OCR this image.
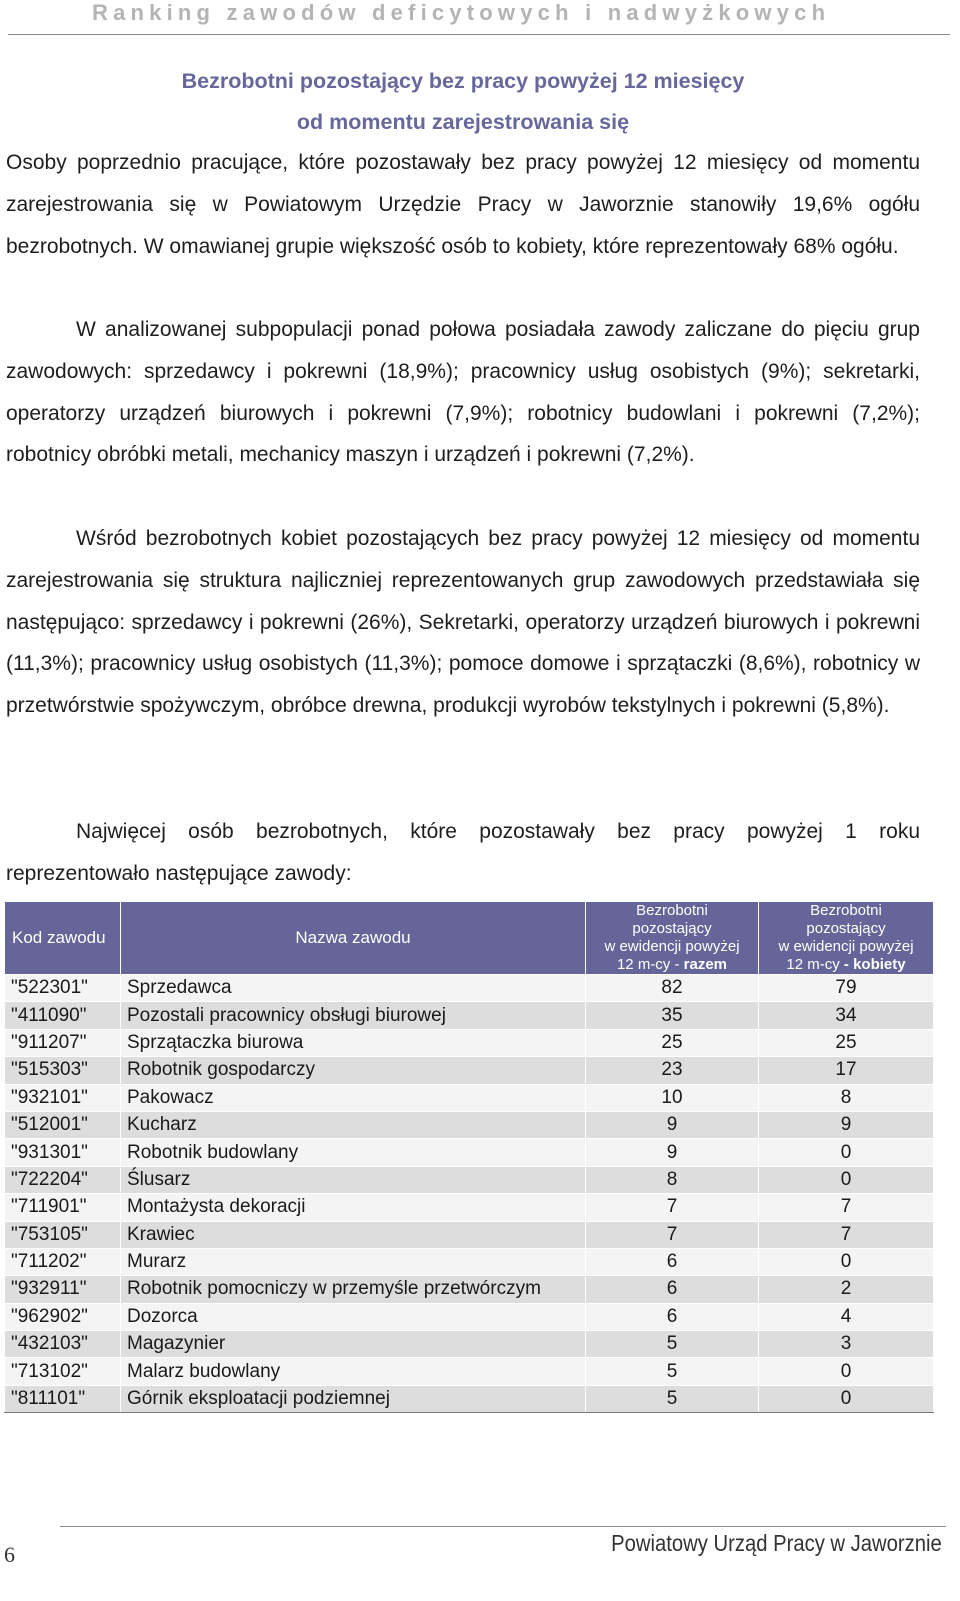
Ranking zawodów deficytowych i nadwyżkowych
Bezrobotni pozostający bez pracy powyżej 12 miesięcy
od momentu zarejestrowania się

Osoby poprzednio pracujące, które pozostawały bez pracy powyżej 12 miesięcy od momentu zarejestrowania się w Powiatowym Urzędzie Pracy w Jaworznie stanowiły 19,6% ogółu bezrobotnych. W omawianej grupie większość osób to kobiety, które reprezentowały 68% ogółu.

W analizowanej subpopulacji ponad połowa posiadała zawody zaliczane do pięciu grup zawodowych: sprzedawcy i pokrewni (18,9%); pracownicy usług osobistych (9%); sekretarki, operatorzy urządzeń biurowych i pokrewni (7,9%); robotnicy budowlani i pokrewni (7,2%); robotnicy obróbki metali, mechanicy maszyn i urządzeń i pokrewni (7,2%).

Wśród bezrobotnych kobiet pozostających bez pracy powyżej 12 miesięcy od momentu zarejestrowania się struktura najliczniej reprezentowanych grup zawodowych przedstawiała się następująco: sprzedawcy i pokrewni (26%), Sekretarki, operatorzy urządzeń biurowych i pokrewni (11,3%); pracownicy usług osobistych (11,3%); pomoce domowe i sprzątaczki (8,6%), robotnicy w przetwórstwie spożywczym, obróbce drewna, produkcji wyrobów tekstylnych i pokrewni (5,8%).

Najwięcej osób bezrobotnych, które pozostawały bez pracy powyżej 1 roku reprezentowało następujące zawody:

Kod zawodu	Nazwa zawodu	Bezrobotni
pozostający
w ewidencji powyżej
12 m-cy - razem	Bezrobotni
pozostający
w ewidencji powyżej
12 m-cy - kobiety
"522301"	Sprzedawca	82	79
"411090"	Pozostali pracownicy obsługi biurowej	35	34
"911207"	Sprzątaczka biurowa	25	25
"515303"	Robotnik gospodarczy	23	17
"932101"	Pakowacz	10	8
"512001"	Kucharz	9	9
"931301"	Robotnik budowlany	9	0
"722204"	Ślusarz	8	0
"711901"	Montażysta dekoracji	7	7
"753105"	Krawiec	7	7
"711202"	Murarz	6	0
"932911"	Robotnik pomocniczy w przemyśle przetwórczym	6	2
"962902"	Dozorca	6	4
"432103"	Magazynier	5	3
"713102"	Malarz budowlany	5	0
"811101"	Górnik eksploatacji podziemnej	5	0
6	Powiatowy Urząd Pracy w Jaworznie
